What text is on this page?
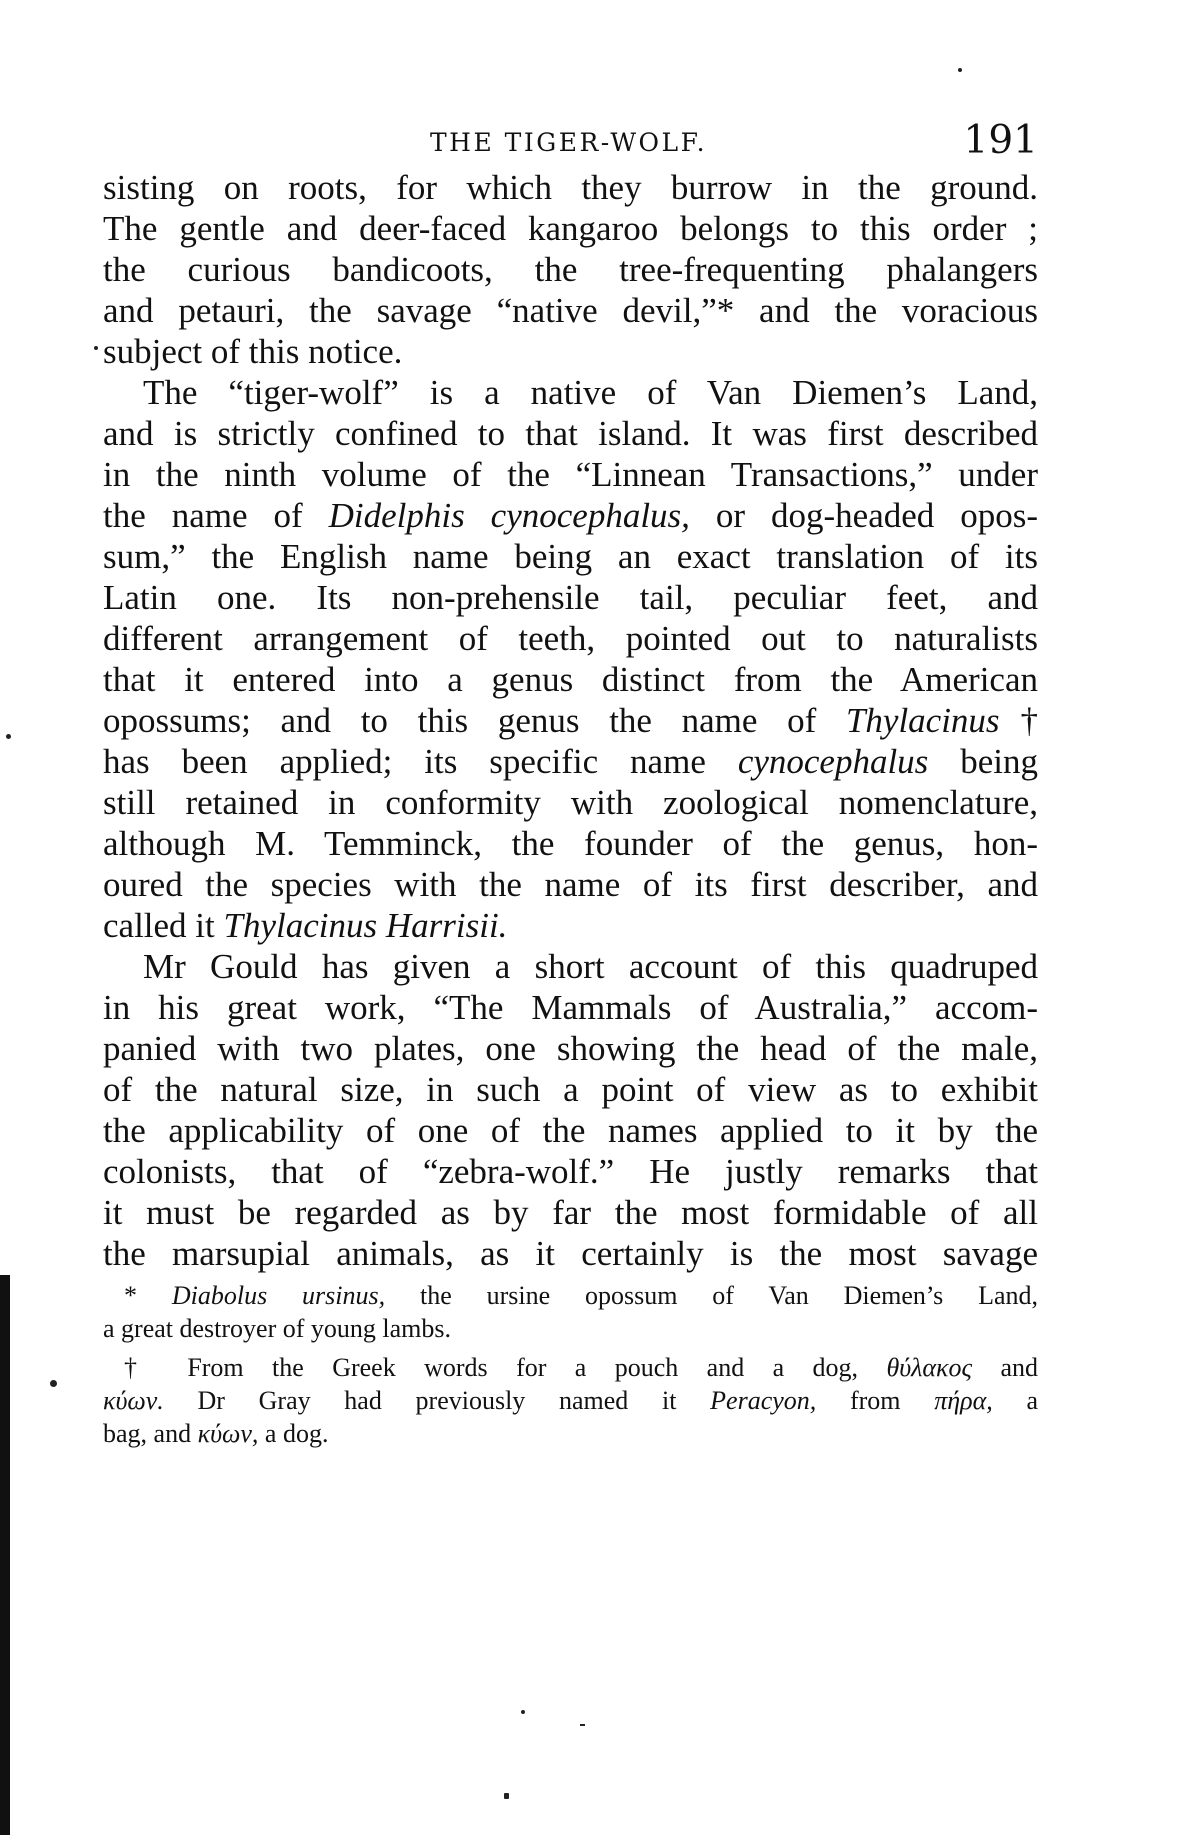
THE TIGER-WOLF.	191
sisting on roots, for which they burrow in the ground.
The gentle and deer-faced kangaroo belongs to this order ;
the curious bandicoots, the tree-frequenting phalangers
and petauri, the savage “native devil,”* and the voracious
subject of this notice.
The “tiger-wolf” is a native of Van Diemen’s Land,
and is strictly confined to that island. It was first described
in the ninth volume of the “Linnean Transactions,” under
the name of Didelphis cynocephalus, or dog-headed opos-
sum,” the English name being an exact translation of its
Latin one. Its non-prehensile tail, peculiar feet, and
different arrangement of teeth, pointed out to naturalists
that it entered into a genus distinct from the American
opossums; and to this genus the name of Thylacinus†
has been applied; its specific name cynocephalus being
still retained in conformity with zoological nomenclature,
although M. Temminck, the founder of the genus, hon-
oured the species with the name of its first describer, and
called it Thylacinus Harrisii.
Mr Gould has given a short account of this quadruped
in his great work, “The Mammals of Australia,” accom-
panied with two plates, one showing the head of the male,
of the natural size, in such a point of view as to exhibit
the applicability of one of the names applied to it by the
colonists, that of “zebra-wolf.” He justly remarks that
it must be regarded as by far the most formidable of all
the marsupial animals, as it certainly is the most savage
* Diabolus ursinus, the ursine opossum of Van Diemen’s Land,
a great destroyer of young lambs.
† From the Greek words for a pouch and a dog, θύλακος and
κύων. Dr Gray had previously named it Peracyon, from πήρα, a
bag, and κύων, a dog.
